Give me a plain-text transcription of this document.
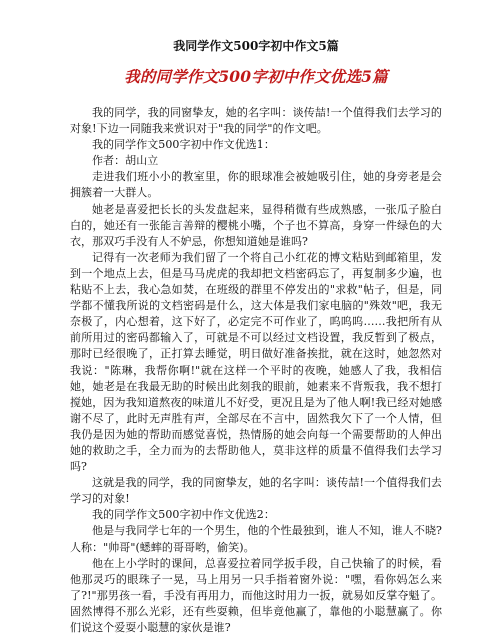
我同学作文500字初中作文5篇
我的同学作文500字初中作文优选5篇

我的同学，我的同窗挚友，她的名字叫：谈传喆!一个值得我们去学习的对象!下边一同随我来赏识对于"我的同学"的作文吧。

我的同学作文500字初中作文优选1：

作者：胡山立

走进我们班小小的教室里，你的眼球准会被她吸引住，她的身旁老是会拥簇着一大群人。

她老是喜爱把长长的头发盘起来，显得稍微有些成熟感，一张瓜子脸白白的，她还有一张能言善辩的樱桃小嘴，个子也不算高，身穿一件绿色的大衣，那双巧手没有人不妒忌，你想知道她是谁吗?

记得有一次老师为我们留了一个将自己小红花的博文粘贴到邮箱里，发到一个地点上去，但是马马虎虎的我却把文档密码忘了，再复制多少遍，也粘贴不上去，我心急如焚，在班级的群里不停发出的"求救"帖子，但是，同学都不懂我所说的文档密码是什么，这大体是我们家电脑的"殊效"吧，我无奈极了，内心想着，这下好了，必定完不可作业了，呜呜呜……我把所有从前所用过的密码都输入了，可就是不可以经过文档设置，我反暂到了极点，那时已经很晚了，正打算去睡觉，明日做好准备挨批，就在这时，她忽然对我说："陈琳，我帮你啊!"就在这样一个平时的夜晚，她感人了我，我相信她，她老是在我最无助的时候出此刻我的眼前，她素来不背叛我，我不想打搅她，因为我知道熬夜的味道儿不好受，更况且是为了他人啊!我已经对她感谢不尽了，此时无声胜有声，全部尽在不言中，固然我欠下了一个人情，但我仍是因为她的帮助而感觉喜悦，热情肠的她会向每一个需要帮助的人伸出她的救助之手，全力而为的去帮助他人，莫非这样的质量不值得我们去学习吗?

这就是我的同学，我的同窗挚友，她的名字叫：谈传喆!一个值得我们去学习的对象!

我的同学作文500字初中作文优选2：

他是与我同学七年的一个男生，他的个性最独到，谁人不知，谁人不晓?人称："帅哥"(蟋蟀的哥哥哟，偷笑)。

他在上小学时的课间，总喜爱拉着同学扳手段，自己快输了的时候，看他那灵巧的眼珠子一晃，马上用另一只手指着窗外说："嘿，看你妈怎么来了?!"那男孩一看，手没有再用力，而他这时用力一扳，就易如反掌夺魁了。固然博得不那么光彩，还有些耍赖，但毕竟他赢了，靠他的小聪慧赢了。你们说这个爱耍小聪慧的家伙是谁?
